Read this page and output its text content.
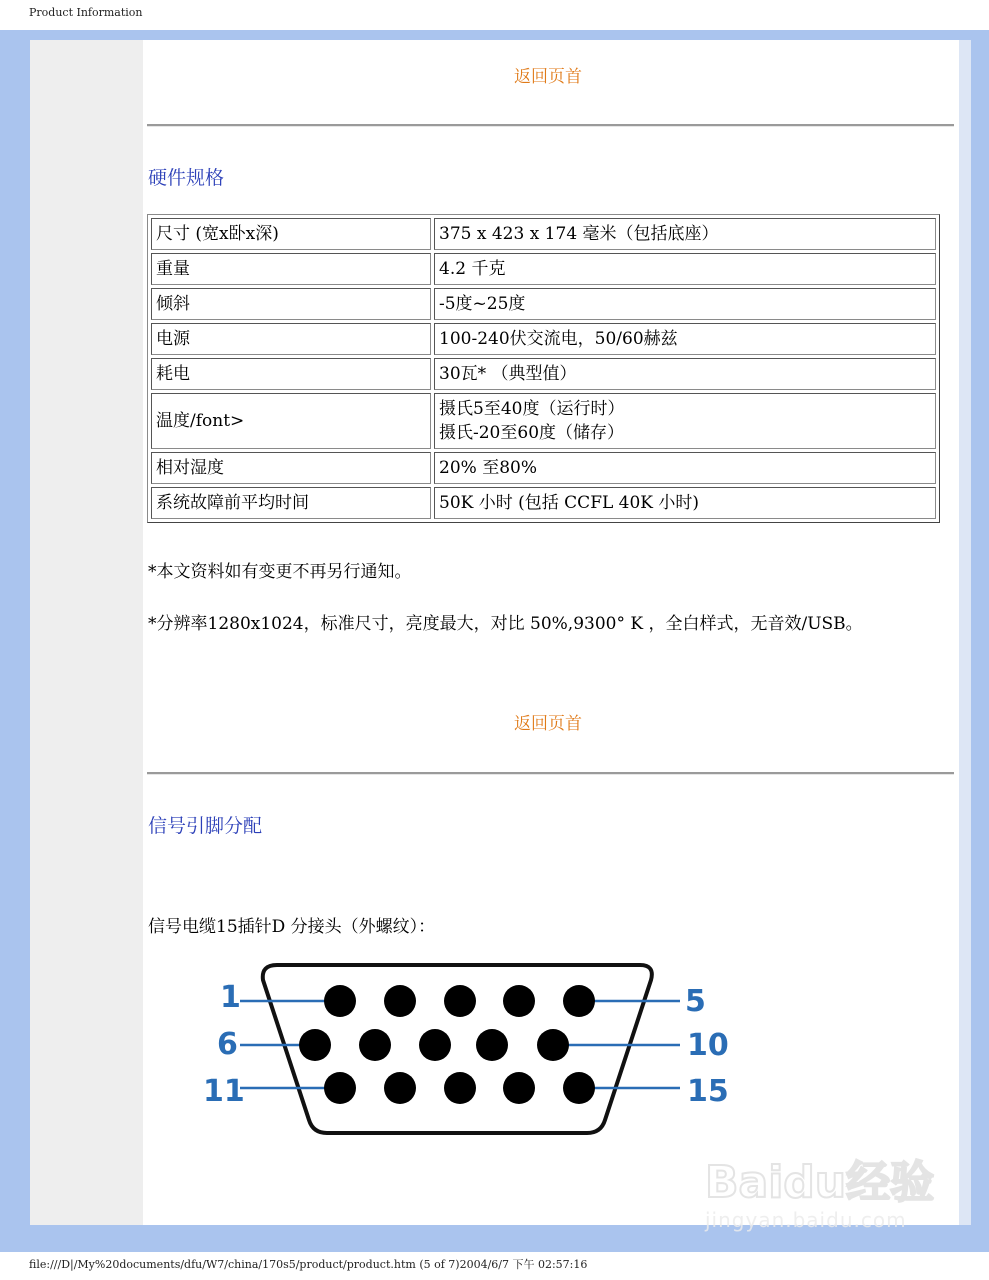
Product Information
返回页首
硬件规格
尺寸 (宽x卧x深)	375 x 423 x 174 毫米（包括底座）
重量	4.2 千克
倾斜	-5度~25度
电源	100-240伏交流电，50/60赫兹
耗电	30瓦* （典型值）
温度/font>	摄氏5至40度（运行时）
摄氏-20至60度（储存）

相对湿度	20% 至80%
系统故障前平均时间	50K 小时 (包括 CCFL 40K 小时)
*本文资料如有变更不再另行通知。
*分辨率1280x1024，标准尺寸，亮度最大，对比 50%,9300° K ，全白样式，无音效/USB。
返回页首
信号引脚分配
信号电缆15插针D 分接头（外螺纹）：
1
6
11
5
10
15
Baidu经验
jingyan.baidu.com
file:///D|/My%20documents/dfu/W7/china/170s5/product/product.htm (5 of 7)2004/6/7 下午 02:57:16
